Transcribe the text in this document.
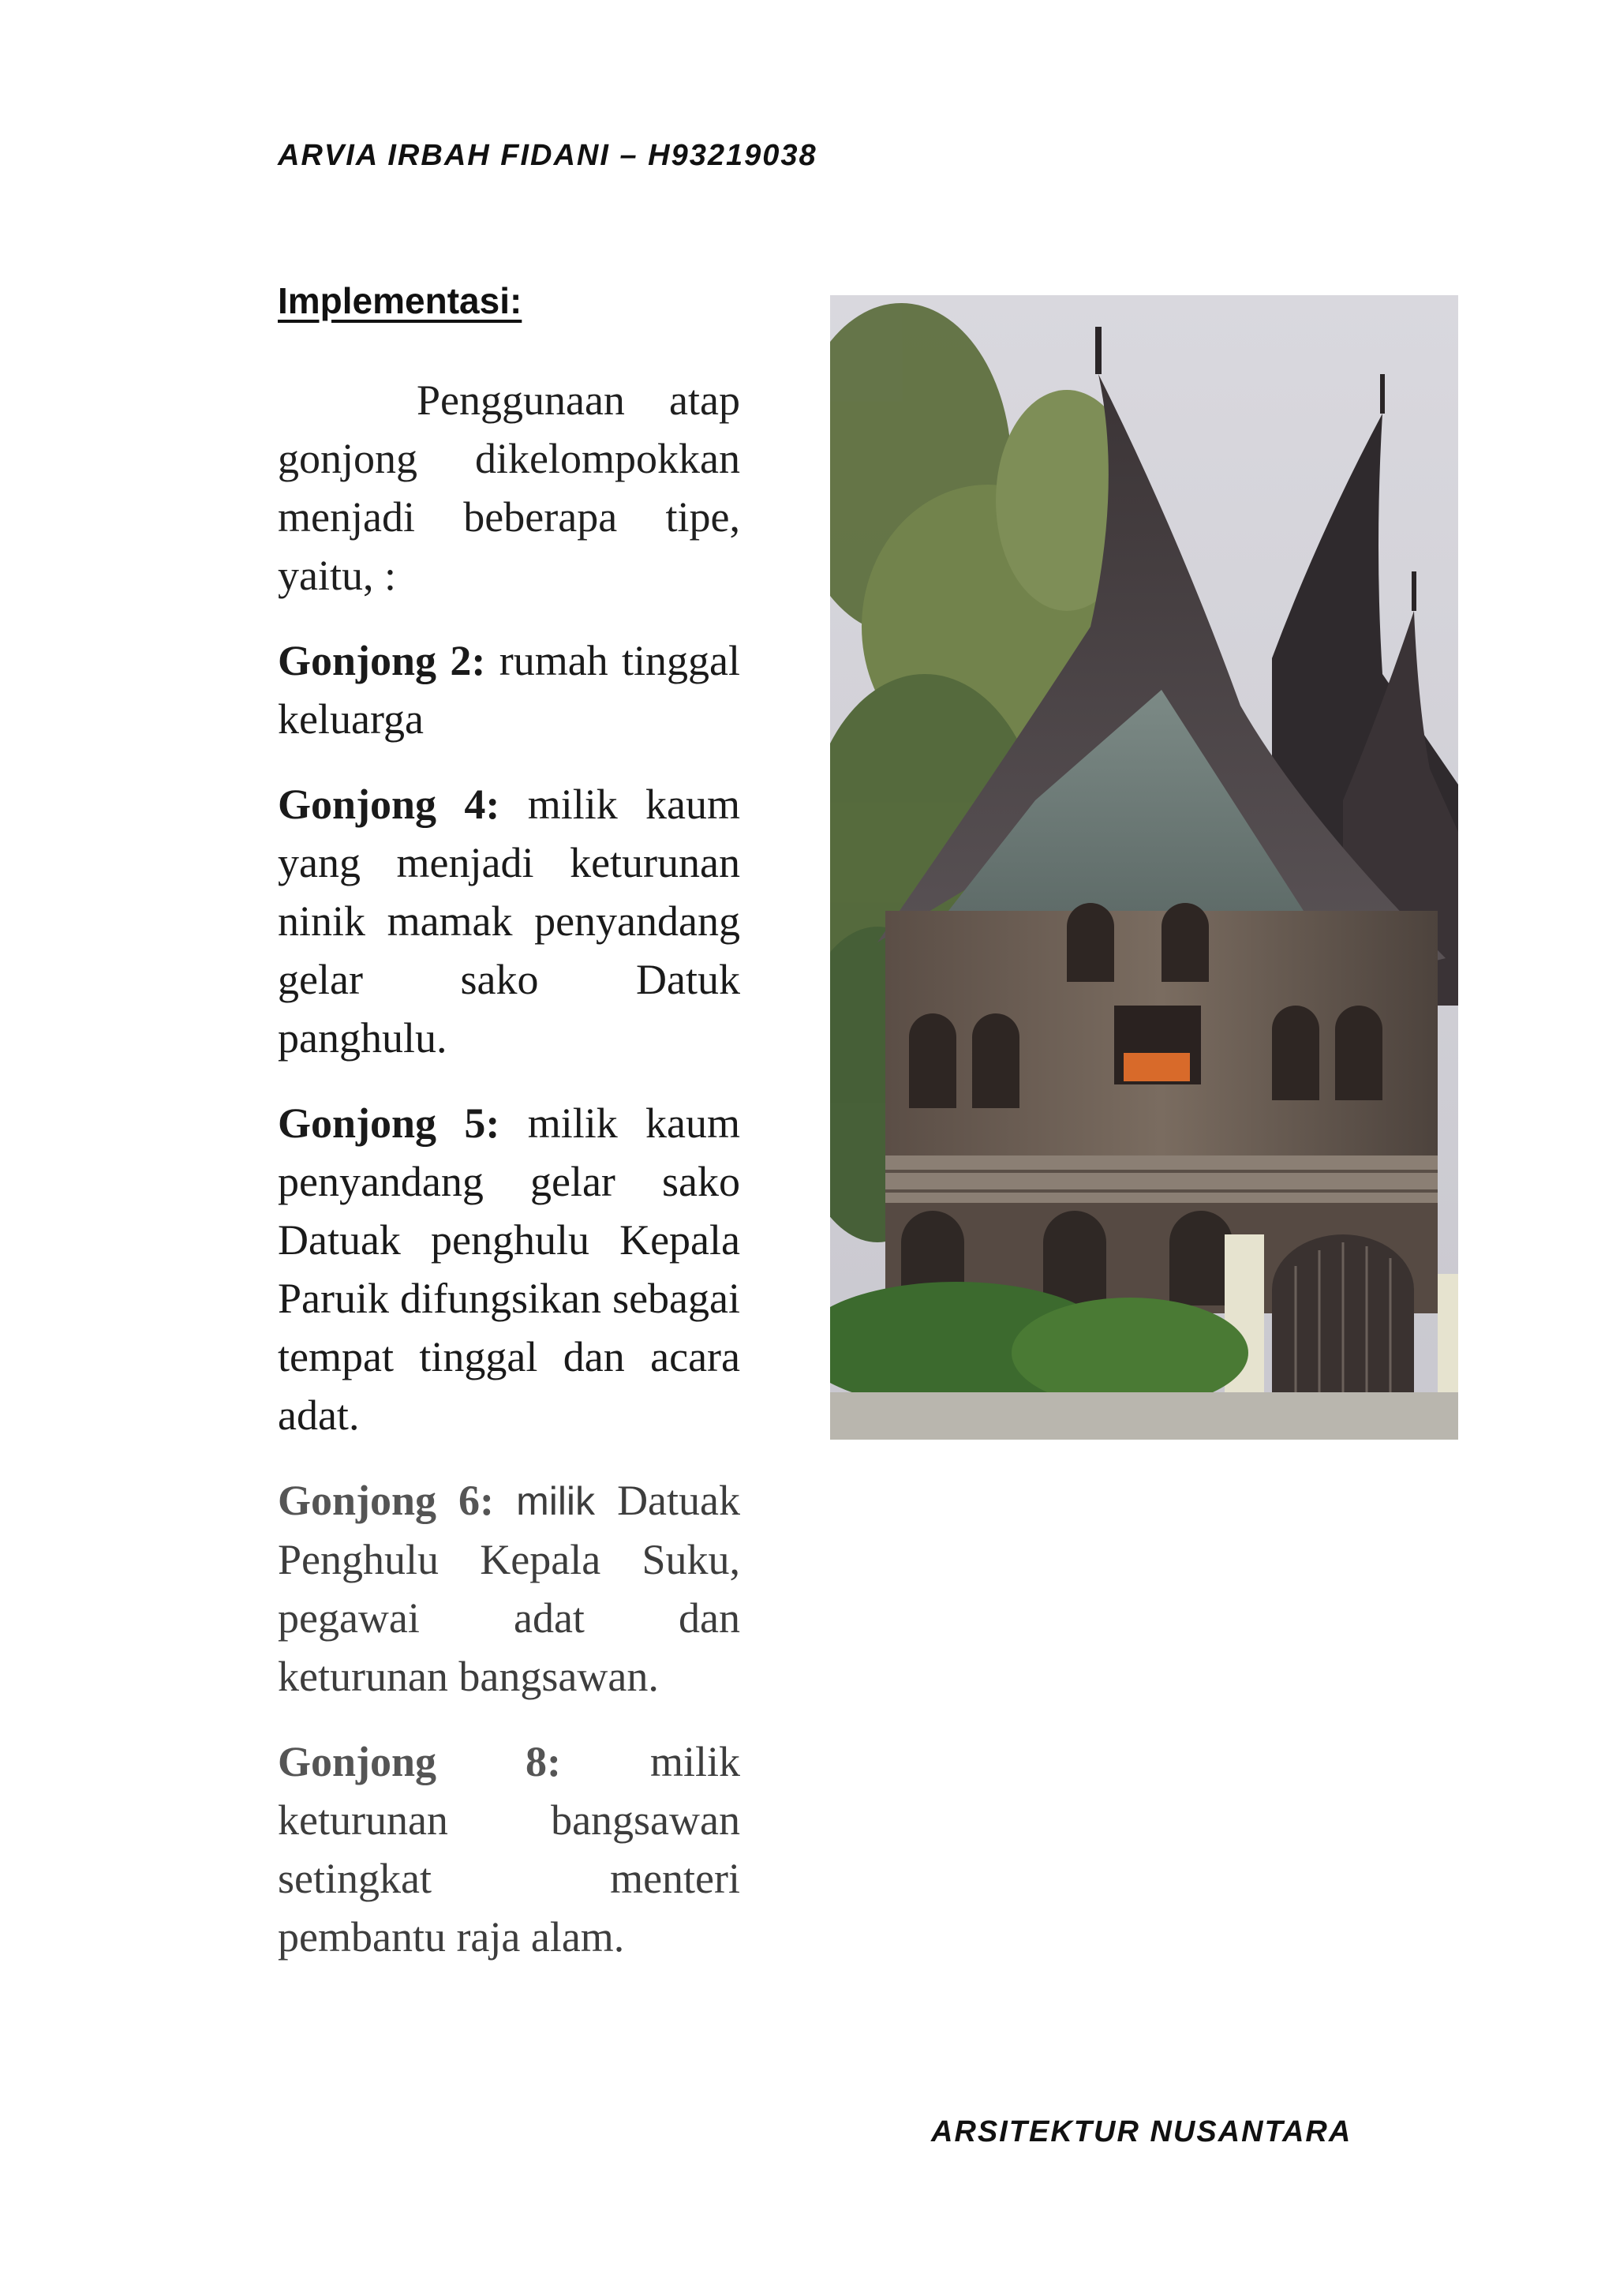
ARVIA IRBAH FIDANI – H93219038
Implementasi:

Penggunaan atap gonjong dikelompokkan menjadi beberapa tipe, yaitu, :

Gonjong 2: rumah tinggal keluarga

Gonjong 4: milik kaum yang menjadi keturunan ninik mamak penyandang gelar sako Datuk panghulu.

Gonjong 5: milik kaum penyandang gelar sako Datuak penghulu Kepala Paruik difungsikan sebagai tempat tinggal dan acara adat.

Gonjong 6: milik Datuak Penghulu Kepala Suku, pegawai adat dan keturunan bangsawan.

Gonjong 8: milik keturunan bangsawan setingkat menteri pembantu raja alam.

ARSITEKTUR NUSANTARA
